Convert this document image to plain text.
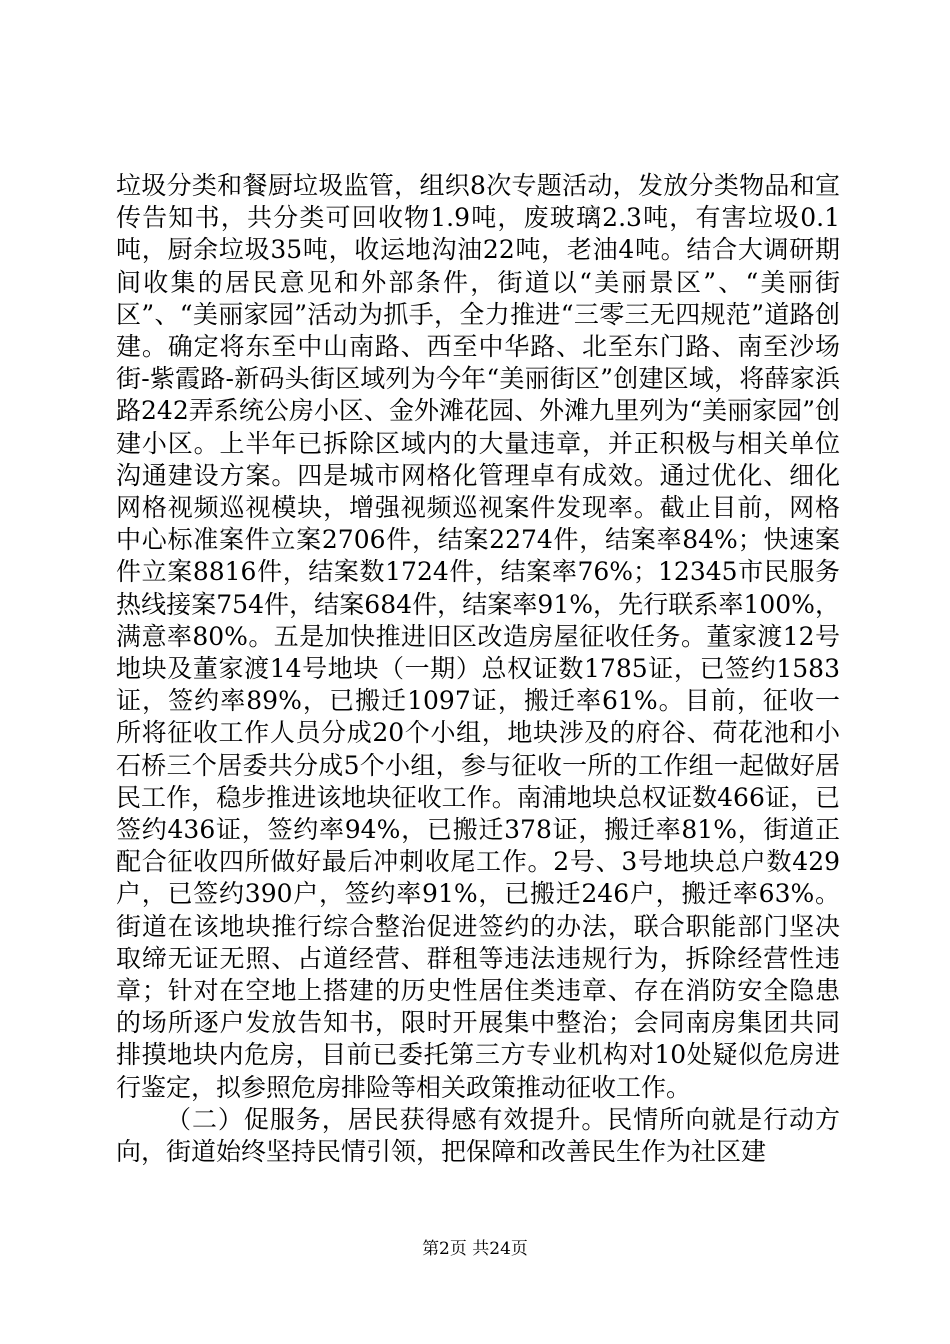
垃圾分类和餐厨垃圾监管，组织8次专题活动，发放分类物品和宣传告知书，共分类可回收物1.9吨，废玻璃2.3吨，有害垃圾0.1吨，厨余垃圾35吨，收运地沟油22吨，老油4吨。结合大调研期间收集的居民意见和外部条件，街道以“美丽景区”、“美丽街区”、“美丽家园”活动为抓手，全力推进“三零三无四规范”道路创建。确定将东至中山南路、西至中华路、北至东门路、南至沙场街-紫霞路-新码头街区域列为今年“美丽街区”创建区域，将薛家浜路242弄系统公房小区、金外滩花园、外滩九里列为“美丽家园”创建小区。上半年已拆除区域内的大量违章，并正积极与相关单位沟通建设方案。四是城市网格化管理卓有成效。通过优化、细化网格视频巡视模块，增强视频巡视案件发现率。截止目前，网格中心标准案件立案2706件，结案2274件，结案率84%；快速案件立案8816件，结案数1724件，结案率76%；12345市民服务热线接案754件，结案684件，结案率91%，先行联系率100%，满意率80%。五是加快推进旧区改造房屋征收任务。董家渡12号地块及董家渡14号地块（一期）总权证数1785证，已签约1583证，签约率89%，已搬迁1097证，搬迁率61%。目前，征收一所将征收工作人员分成20个小组，地块涉及的府谷、荷花池和小石桥三个居委共分成5个小组，参与征收一所的工作组一起做好居民工作，稳步推进该地块征收工作。南浦地块总权证数466证，已签约436证，签约率94%，已搬迁378证，搬迁率81%，街道正配合征收四所做好最后冲刺收尾工作。2号、3号地块总户数429户，已签约390户，签约率91%，已搬迁246户，搬迁率63%。街道在该地块推行综合整治促进签约的办法，联合职能部门坚决取缔无证无照、占道经营、群租等违法违规行为，拆除经营性违章；针对在空地上搭建的历史性居住类违章、存在消防安全隐患的场所逐户发放告知书，限时开展集中整治；会同南房集团共同排摸地块内危房，目前已委托第三方专业机构对10处疑似危房进行鉴定，拟参照危房排险等相关政策推动征收工作。

（二）促服务，居民获得感有效提升。民情所向就是行动方向，街道始终坚持民情引领，把保障和改善民生作为社区建

第2页 共24页
